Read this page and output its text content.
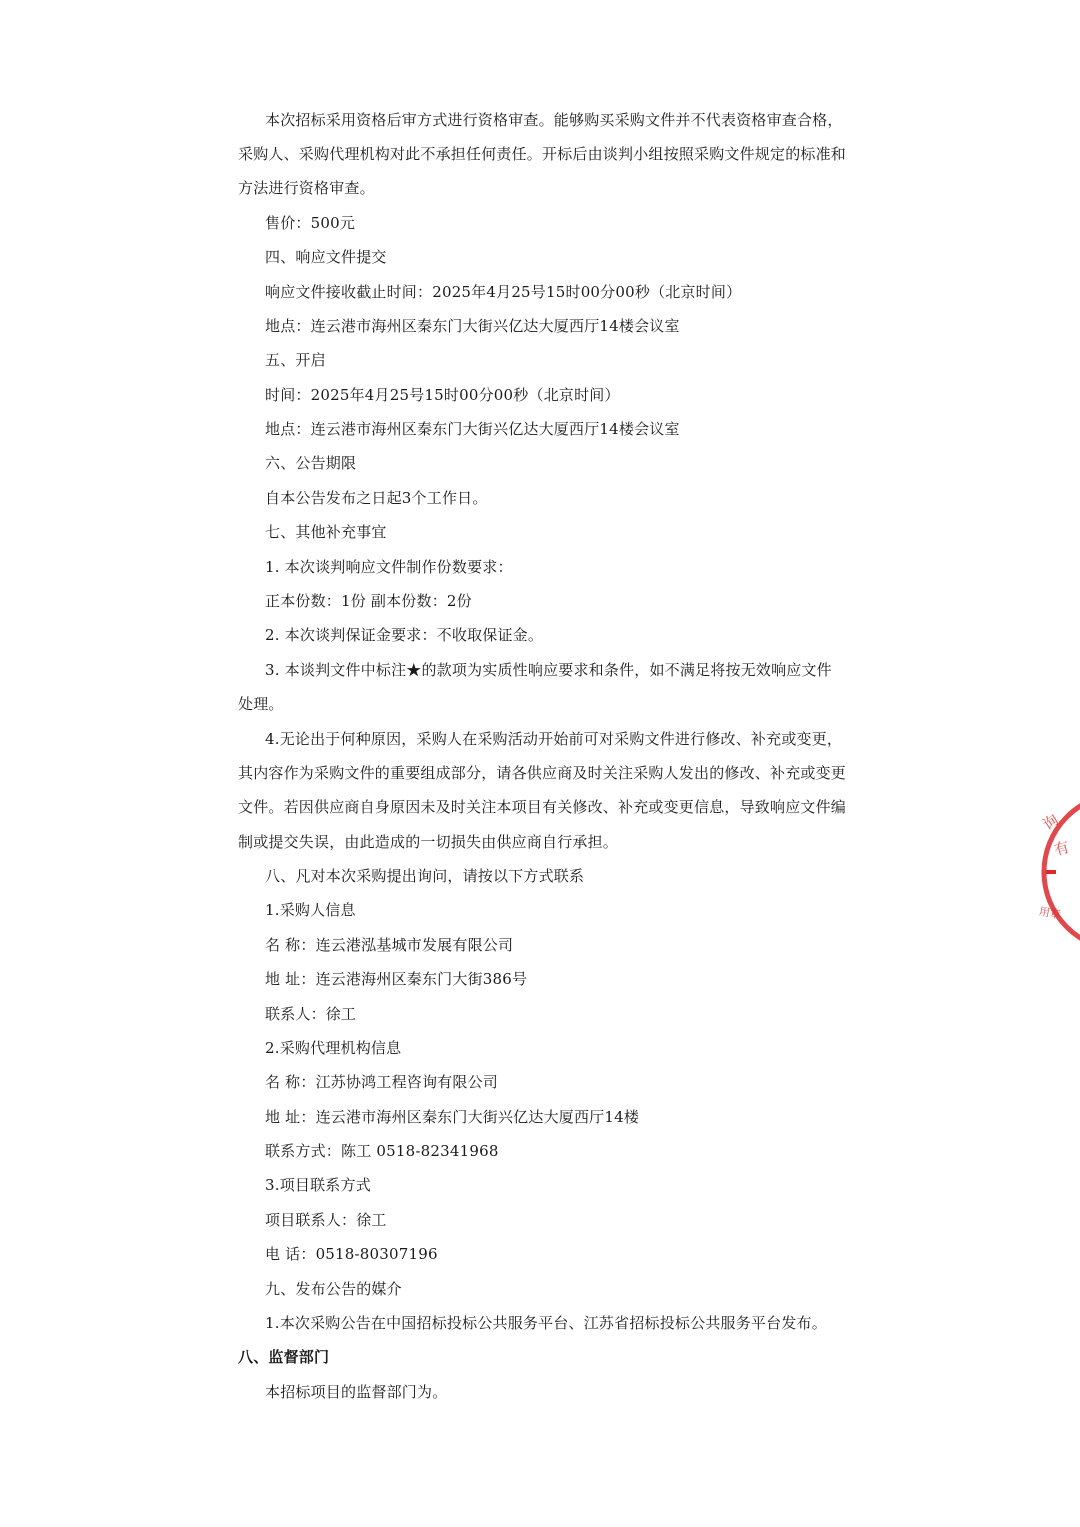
本次招标采用资格后审方式进行资格审查。能够购买采购文件并不代表资格审查合格，
采购人、采购代理机构对此不承担任何责任。开标后由谈判小组按照采购文件规定的标准和
方法进行资格审查。
售价：500元
四、响应文件提交
响应文件接收截止时间：2025年4月25号15时00分00秒（北京时间）
地点：连云港市海州区秦东门大街兴亿达大厦西厅14楼会议室
五、开启
时间：2025年4月25号15时00分00秒（北京时间）
地点：连云港市海州区秦东门大街兴亿达大厦西厅14楼会议室
六、公告期限
自本公告发布之日起3个工作日。
七、其他补充事宜
1. 本次谈判响应文件制作份数要求：
正本份数：1份 副本份数：2份
2. 本次谈判保证金要求：不收取保证金。
3. 本谈判文件中标注★的款项为实质性响应要求和条件，如不满足将按无效响应文件
处理。
4.无论出于何种原因，采购人在采购活动开始前可对采购文件进行修改、补充或变更，
其内容作为采购文件的重要组成部分，请各供应商及时关注采购人发出的修改、补充或变更
文件。若因供应商自身原因未及时关注本项目有关修改、补充或变更信息，导致响应文件编
制或提交失误，由此造成的一切损失由供应商自行承担。
八、凡对本次采购提出询问，请按以下方式联系
1.采购人信息
名 称：连云港泓基城市发展有限公司
地 址：连云港海州区秦东门大街386号
联系人：徐工
2.采购代理机构信息
名 称：江苏协鸿工程咨询有限公司
地 址：连云港市海州区秦东门大街兴亿达大厦西厅14楼
联系方式：陈工 0518-82341968
3.项目联系方式
项目联系人：徐工
电 话：0518-80307196
九、发布公告的媒介
1.本次采购公告在中国招标投标公共服务平台、江苏省招标投标公共服务平台发布。
八、监督部门
本招标项目的监督部门为。
询
有
用章
